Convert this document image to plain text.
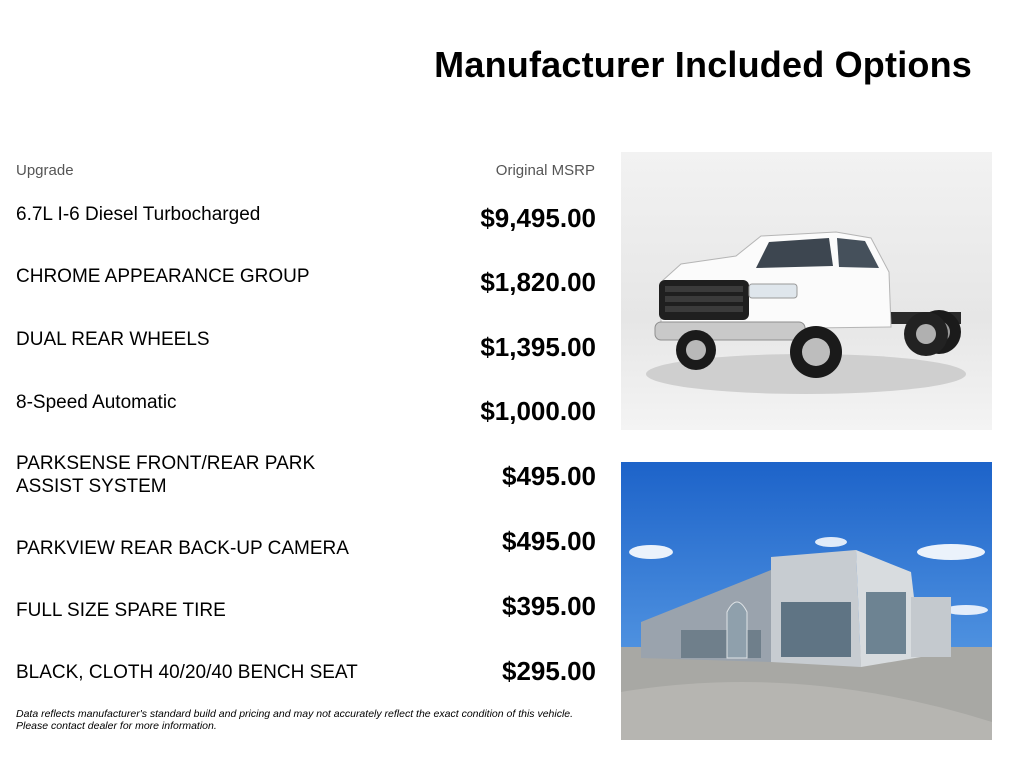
Manufacturer Included Options
Upgrade	Original MSRP
6.7L I-6 Diesel Turbocharged	$9,495.00
CHROME APPEARANCE GROUP	$1,820.00
DUAL REAR WHEELS	$1,395.00
8-Speed Automatic	$1,000.00
PARKSENSE FRONT/REAR PARK ASSIST SYSTEM	$495.00
PARKVIEW REAR BACK-UP CAMERA	$495.00
FULL SIZE SPARE TIRE	$395.00
BLACK, CLOTH 40/20/40 BENCH SEAT	$295.00
Data reflects manufacturer's standard build and pricing and may not accurately reflect the exact condition of this vehicle. Please contact dealer for more information.
